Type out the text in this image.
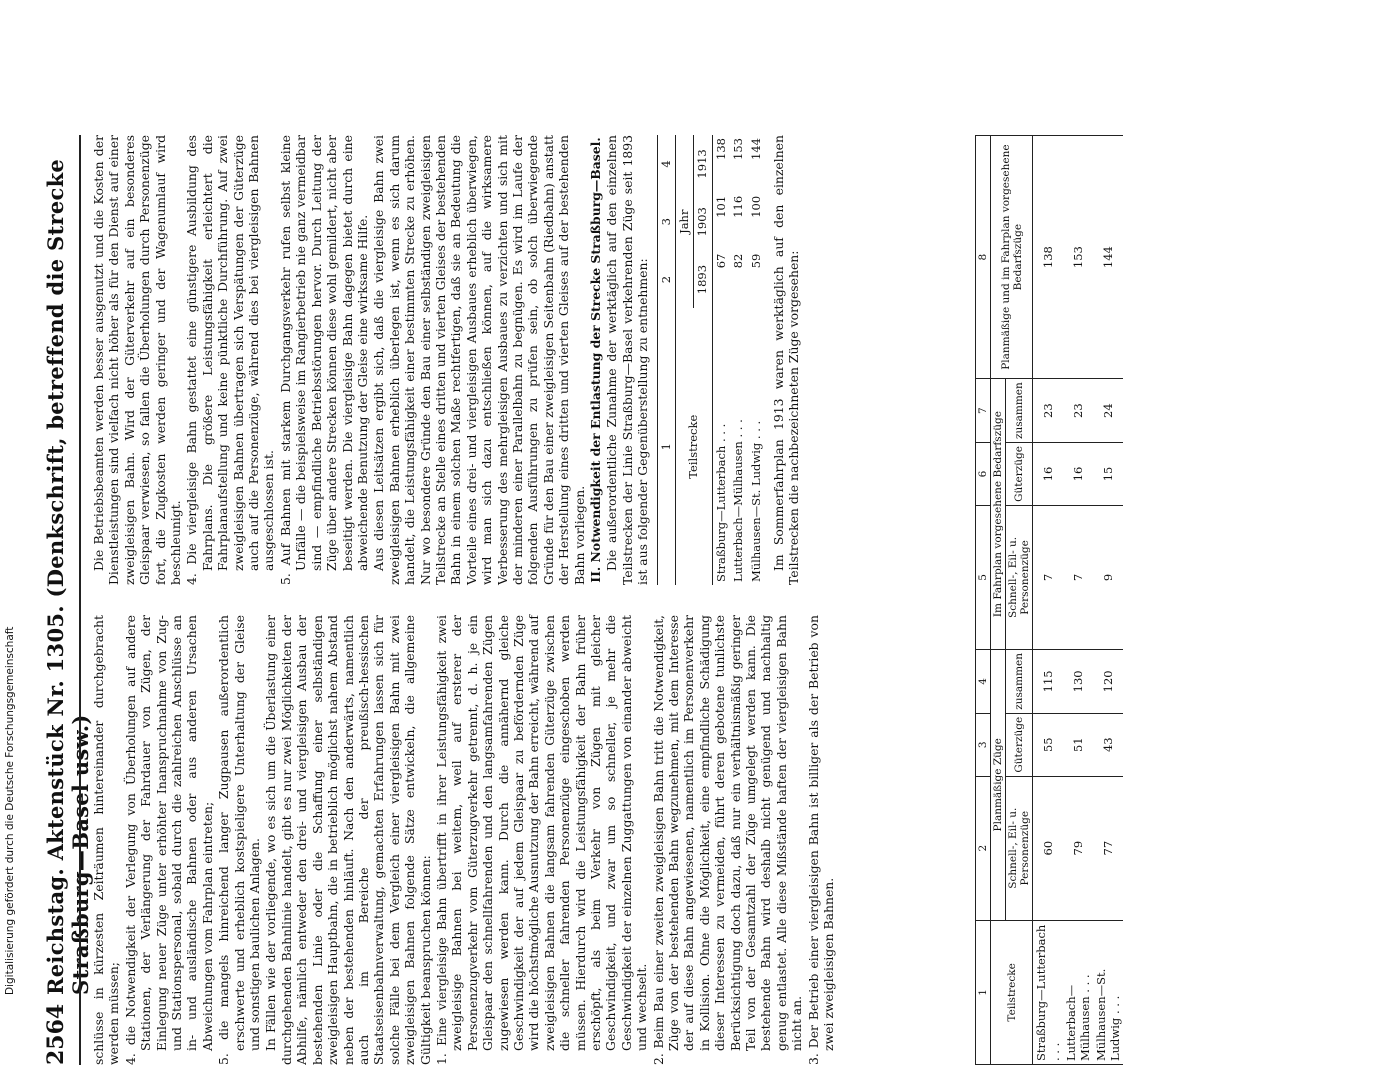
2564
Reichstag. Aktenstück Nr. 1305. (Denkschrift, betreffend die Strecke Straßburg—Basel usw.)

schlüsse in kürzesten Zeiträumen hintereinander durchgebracht werden müssen; 4. die Notwendigkeit der Verlegung von Überholungen auf andere Stationen, der Verlängerung der Fahrdauer von Zügen, der Einlegung neuer Züge unter erhöhter Inanspruchnahme von Zug- und Stationspersonal, sobald durch die zahlreichen Anschlüsse an in- und ausländische Bahnen oder aus anderen Ursachen Abweichungen vom Fahrplan eintreten; 5. die mangels hinreichend langer Zugpausen außerordentlich erschwerte und erheblich kostspieligere Unterhaltung der Gleise und sonstigen baulichen Anlagen. In Fällen wie der vorliegende, wo es sich um die Überlastung einer durchgehenden Bahnlinie handelt, gibt es nur zwei Möglichkeiten der Abhilfe, nämlich entweder den drei- und viergleisigen Ausbau der bestehenden Linie oder die Schaffung einer selbständigen zweigleisigen Hauptbahn, die in betrieblich möglichst nahem Abstand neben der bestehenden hinläuft. Nach den anderwärts, namentlich auch im Bereiche der preußisch-hessischen Staatseisenbahnverwaltung, gemachten Erfahrungen lassen sich für solche Fälle bei dem Vergleich einer viergleisigen Bahn mit zwei zweigleisigen Bahnen folgende Sätze entwickeln, die allgemeine Gültigkeit beanspruchen können: 1. Eine viergleisige Bahn übertrifft in ihrer Leistungsfähigkeit zwei zweigleisige Bahnen bei weitem, weil auf ersterer der Personenzugverkehr vom Güterzugverkehr getrennt, d. h. je ein Gleispaar den schnellfahrenden und den langsamfahrenden Zügen zugewiesen werden kann. Durch die annähernd gleiche Geschwindigkeit der auf jedem Gleispaar zu befördernden Züge wird die höchstmögliche Ausnutzung der Bahn erreicht, während auf zweigleisigen Bahnen die langsam fahrenden Güterzüge zwischen die schneller fahrenden Personenzüge eingeschoben werden müssen. Hierdurch wird die Leistungsfähigkeit der Bahn früher erschöpft, als beim Verkehr von Zügen mit gleicher Geschwindigkeit, und zwar um so schneller, je mehr die Geschwindigkeit der einzelnen Zuggattungen von einander abweicht und wechselt. 2. Beim Bau einer zweiten zweigleisigen Bahn tritt die Notwendigkeit, Züge von der bestehenden Bahn wegzunehmen, mit dem Interesse der auf diese Bahn angewiesenen, namentlich im Personenverkehr in Kollision. Ohne die Möglichkeit, eine empfindliche Schädigung dieser Interessen zu vermeiden, führt deren gebotene tunlichste Berücksichtigung doch dazu, daß nur ein verhältnismäßig geringer Teil von der Gesamtzahl der Züge umgelegt werden kann. Die bestehende Bahn wird deshalb nicht genügend und nachhaltig genug entlastet. Alle diese Mißstände haften der viergleisigen Bahn nicht an. 3. Der Betrieb einer viergleisigen Bahn ist billiger als der Betrieb von zwei zweigleisigen Bahnen.

Die Betriebsbeamten werden besser ausgenutzt und die Kosten der Dienstleistungen sind vielfach nicht höher als für den Dienst auf einer zweigleisigen Bahn. Wird der Güterverkehr auf ein besonderes Gleispaar verwiesen, so fallen die Überholungen durch Personenzüge fort, die Zugkosten werden geringer und der Wagenumlauf wird beschleunigt. 4. Die viergleisige Bahn gestattet eine günstigere Ausbildung des Fahrplans. Die größere Leistungsfähigkeit erleichtert die Fahrplanaufstellung und keine pünktliche Durchführung. Auf zwei zweigleisigen Bahnen übertragen sich Verspätungen der Güterzüge auch auf die Personenzüge, während dies bei viergleisigen Bahnen ausgeschlossen ist. 5. Auf Bahnen mit starkem Durchgangsverkehr rufen selbst kleine Unfälle — die beispielsweise im Rangierbetrieb nie ganz vermeidbar sind — empfindliche Betriebsstörungen hervor. Durch Leitung der Züge über andere Strecken können diese wohl gemildert, nicht aber beseitigt werden. Die viergleisige Bahn dagegen bietet durch eine abweichende Benutzung der Gleise eine wirksame Hilfe. Aus diesen Leitsätzen ergibt sich, daß die viergleisige Bahn zwei zweigleisigen Bahnen erheblich überlegen ist, wenn es sich darum handelt, die Leistungsfähigkeit einer bestimmten Strecke zu erhöhen. Nur wo besondere Gründe den Bau einer selbständigen zweigleisigen Teilstrecke an Stelle eines dritten und vierten Gleises der bestehenden Bahn in einem solchen Maße rechtfertigen, daß sie an Bedeutung die Vorteile eines drei- und viergleisigen Ausbaues erheblich überwiegen, wird man sich dazu entschließen können, auf die wirksamere Verbesserung des mehrgleisigen Ausbaues zu verzichten und sich mit der minderen einer Parallelbahn zu begnügen. Es wird im Laufe der folgenden Ausführungen zu prüfen sein, ob solch überwiegende Gründe für den Bau einer zweigleisigen Seitenbahn (Riedbahn) anstatt der Herstellung eines dritten und vierten Gleises auf der bestehenden Bahn vorliegen. II. Notwendigkeit der Entlastung der Strecke Straßburg—Basel. Die außerordentliche Zunahme der werktäglich auf den einzelnen Teilstrecken der Linie Straßburg—Basel verkehrenden Züge seit 1893 ist aus folgender Gegenüberstellung zu entnehmen: 1	2	3	4
Teilstrecke	Jahr		
	1893	1903	1913
Straßburg—Lutterbach . . .	67	101	138
Lutterbach—Mülhausen . . .	82	116	153
Mülhausen—St. Ludwig . . .	59	100	144 Im Sommerfahrplan 1913 waren werktäglich auf den einzelnen Teilstrecken die nachbezeichneten Züge vorgesehen:

1	2	3	4	5	6	7	8
Teilstrecke	Planmäßige Züge			Im Fahrplan vorgesehene Bedarfszüge			Planmäßige und im Fahrplan vorgesehene Bedarfszüge
	Schnell-, Eil- u. Personenzüge	Güterzüge	zusammen	Schnell-, Eil- u. Personenzüge	Güterzüge	zusammen	
Straßburg—Lutterbach . . .	60	55	115	7	16	23	138
Lutterbach—Mülhausen . . .	79	51	130	7	16	23	153
Mülhausen—St. Ludwig . . .	77	43	120	9	15	24	144
Digitalisierung gefördert durch die Deutsche Forschungsgemeinschaft
